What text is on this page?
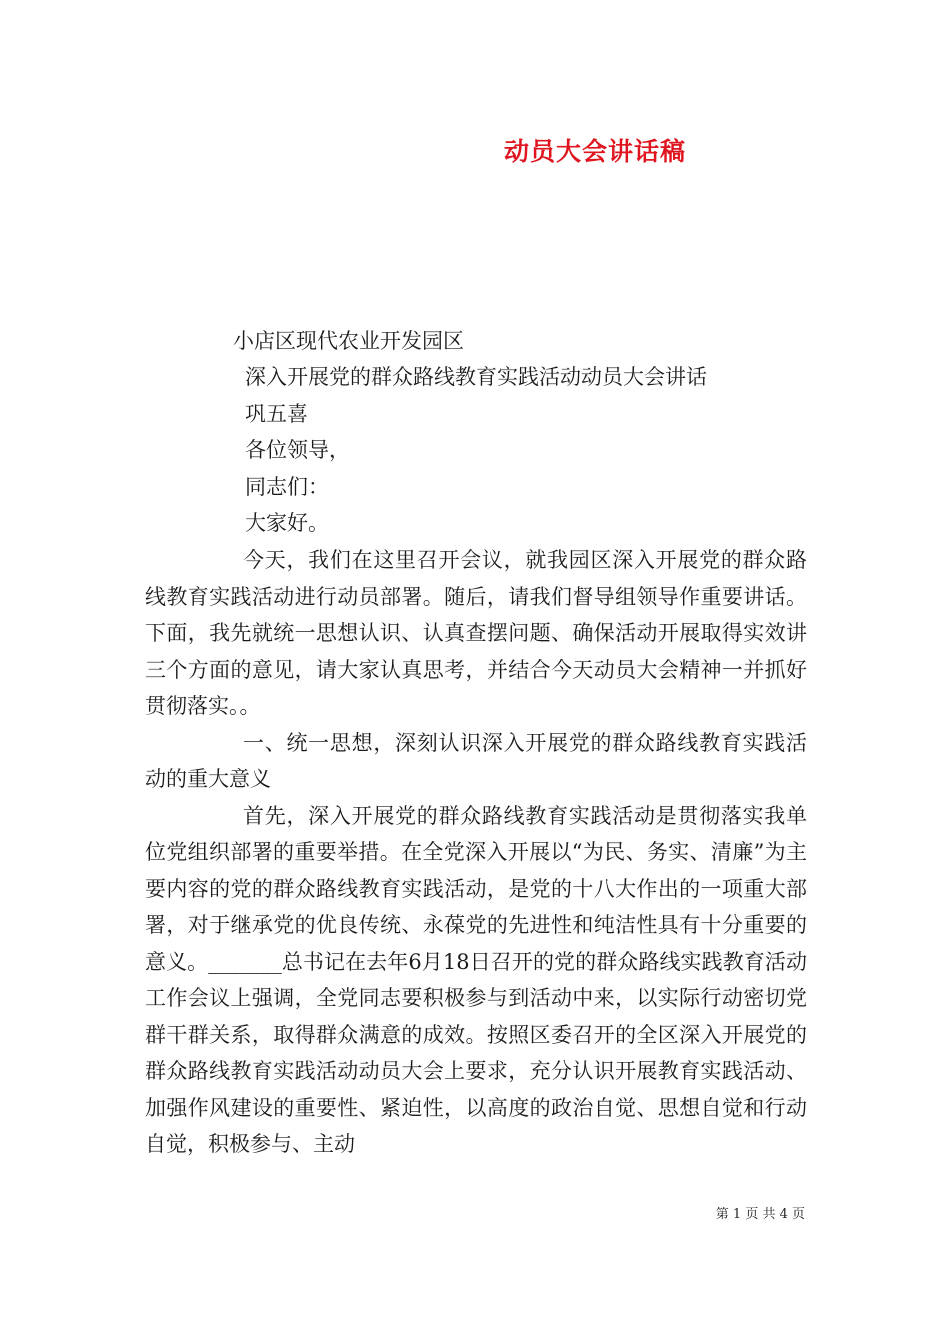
动员大会讲话稿

小店区现代农业开发园区

深入开展党的群众路线教育实践活动动员大会讲话

巩五喜

各位领导，

同志们：

大家好。

今天，我们在这里召开会议，就我园区深入开展党的群众路线教育实践活动进行动员部署。随后，请我们督导组领导作重要讲话。下面，我先就统一思想认识、认真查摆问题、确保活动开展取得实效讲三个方面的意见，请大家认真思考，并结合今天动员大会精神一并抓好贯彻落实。。

一、统一思想，深刻认识深入开展党的群众路线教育实践活动的重大意义

首先，深入开展党的群众路线教育实践活动是贯彻落实我单位党组织部署的重要举措。在全党深入开展以“为民、务实、清廉”为主要内容的党的群众路线教育实践活动，是党的十八大作出的一项重大部署，对于继承党的优良传统、永葆党的先进性和纯洁性具有十分重要的意义。_______总书记在去年6月18日召开的党的群众路线实践教育活动工作会议上强调，全党同志要积极参与到活动中来，以实际行动密切党群干群关系，取得群众满意的成效。按照区委召开的全区深入开展党的群众路线教育实践活动动员大会上要求，充分认识开展教育实践活动、加强作风建设的重要性、紧迫性，以高度的政治自觉、思想自觉和行动自觉，积极参与、主动

第 1 页 共 4 页
